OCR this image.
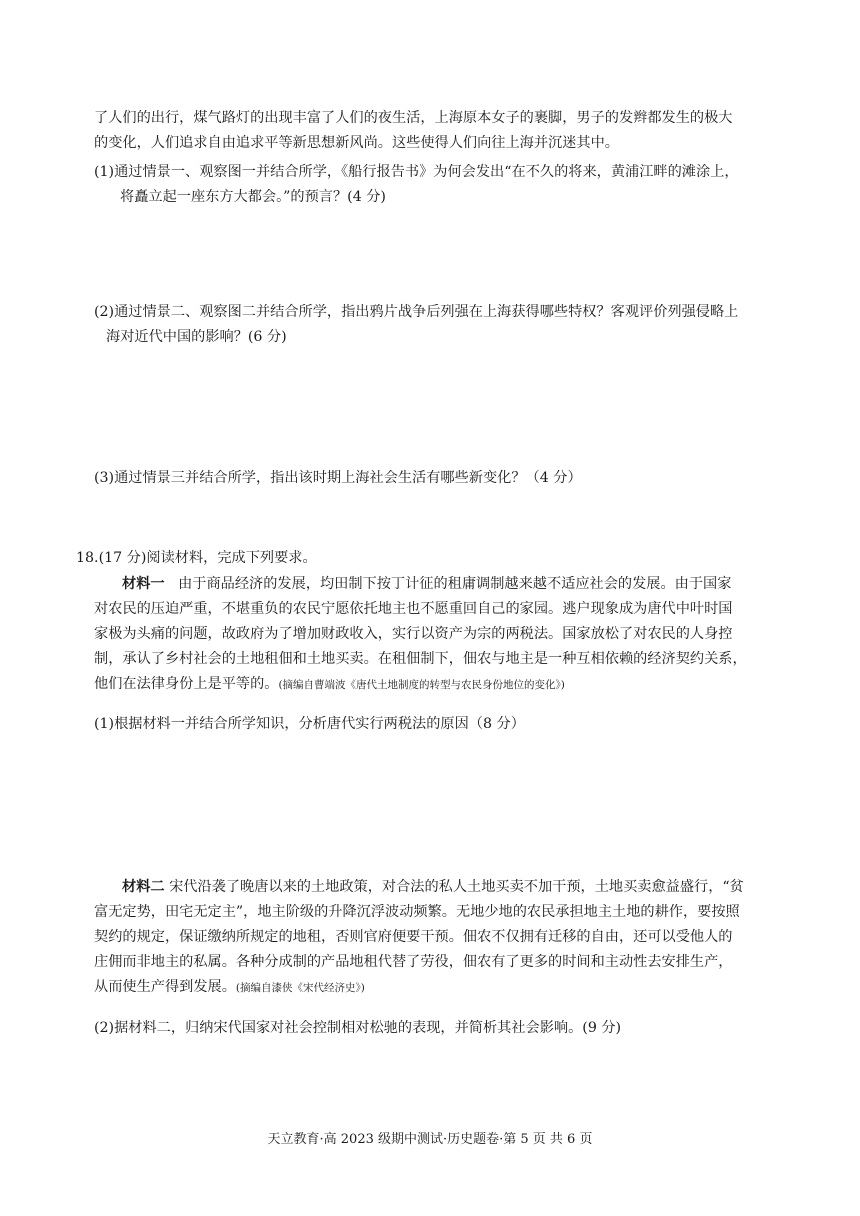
了人们的出行，煤气路灯的出现丰富了人们的夜生活，上海原本女子的裹脚，男子的发辫都发生的极大
的变化，人们追求自由追求平等新思想新风尚。这些使得人们向往上海并沉迷其中。
(1)通过情景一、观察图一并结合所学，《船行报告书》为何会发出“在不久的将来，黄浦江畔的滩涂上，
将矗立起一座东方大都会。”的预言？(4 分)
(2)通过情景二、观察图二并结合所学，指出鸦片战争后列强在上海获得哪些特权？客观评价列强侵略上
海对近代中国的影响？(6 分)
(3)通过情景三并结合所学，指出该时期上海社会生活有哪些新变化？（4 分）
18.(17 分)阅读材料，完成下列要求。
材料一 由于商品经济的发展，均田制下按丁计征的租庸调制越来越不适应社会的发展。由于国家
对农民的压迫严重，不堪重负的农民宁愿依托地主也不愿重回自己的家园。逃户现象成为唐代中叶时国
家极为头痛的问题，故政府为了增加财政收入，实行以资产为宗的两税法。国家放松了对农民的人身控
制，承认了乡村社会的土地租佃和土地买卖。在租佃制下，佃农与地主是一种互相依赖的经济契约关系，
他们在法律身份上是平等的。(摘编自曹端波《唐代土地制度的转型与农民身份地位的变化》)
(1)根据材料一并结合所学知识，分析唐代实行两税法的原因（8 分）
材料二 宋代沿袭了晚唐以来的土地政策，对合法的私人土地买卖不加干预，土地买卖愈益盛行，“贫
富无定势，田宅无定主”，地主阶级的升降沉浮波动频繁。无地少地的农民承担地主土地的耕作，要按照
契约的规定，保证缴纳所规定的地租，否则官府便要干预。佃农不仅拥有迁移的自由，还可以受他人的
庄佣而非地主的私属。各种分成制的产品地租代替了劳役，佃农有了更多的时间和主动性去安排生产，
从而使生产得到发展。(摘编自漆侠《宋代经济史》)
(2)据材料二，归纳宋代国家对社会控制相对松驰的表现，并简析其社会影响。(9 分)
天立教育·高 2023 级期中测试·历史题卷·第 5 页 共 6 页
